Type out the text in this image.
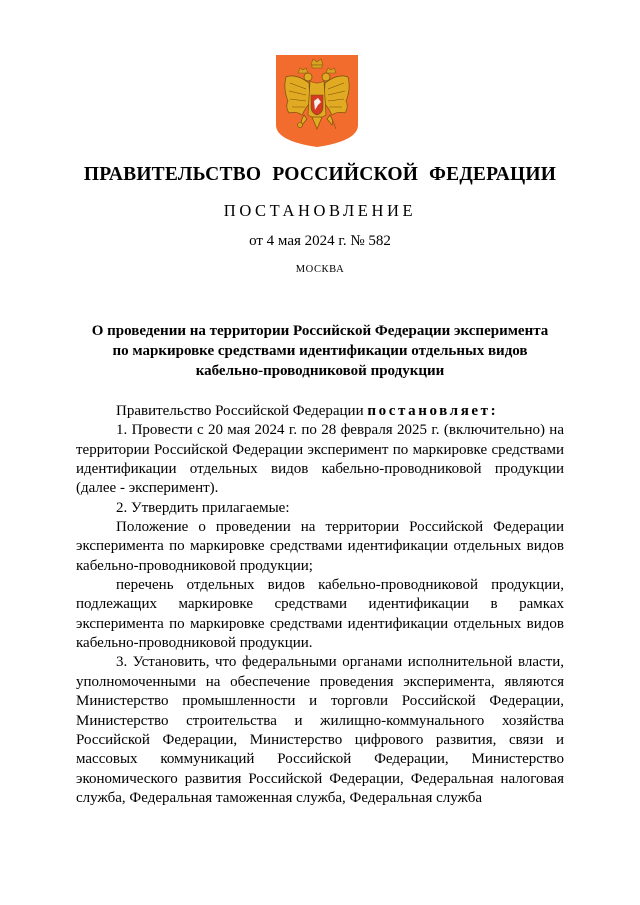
ПРАВИТЕЛЬСТВО РОССИЙСКОЙ ФЕДЕРАЦИИ
ПОСТАНОВЛЕНИЕ
от 4 мая 2024 г. № 582
МОСКВА
О проведении на территории Российской Федерации эксперимента
по маркировке средствами идентификации отдельных видов
кабельно-проводниковой продукции

Правительство Российской Федерации постановляет:

1. Провести с 20 мая 2024 г. по 28 февраля 2025 г. (включительно) на территории Российской Федерации эксперимент по маркировке средствами идентификации отдельных видов кабельно-проводниковой продукции (далее - эксперимент).

2. Утвердить прилагаемые:

Положение о проведении на территории Российской Федерации эксперимента по маркировке средствами идентификации отдельных видов кабельно-проводниковой продукции;

перечень отдельных видов кабельно-проводниковой продукции, подлежащих маркировке средствами идентификации в рамках эксперимента по маркировке средствами идентификации отдельных видов кабельно-проводниковой продукции.

3. Установить, что федеральными органами исполнительной власти, уполномоченными на обеспечение проведения эксперимента, являются Министерство промышленности и торговли Российской Федерации, Министерство строительства и жилищно-коммунального хозяйства Российской Федерации, Министерство цифрового развития, связи и массовых коммуникаций Российской Федерации, Министерство экономического развития Российской Федерации, Федеральная налоговая служба, Федеральная таможенная служба, Федеральная служба
